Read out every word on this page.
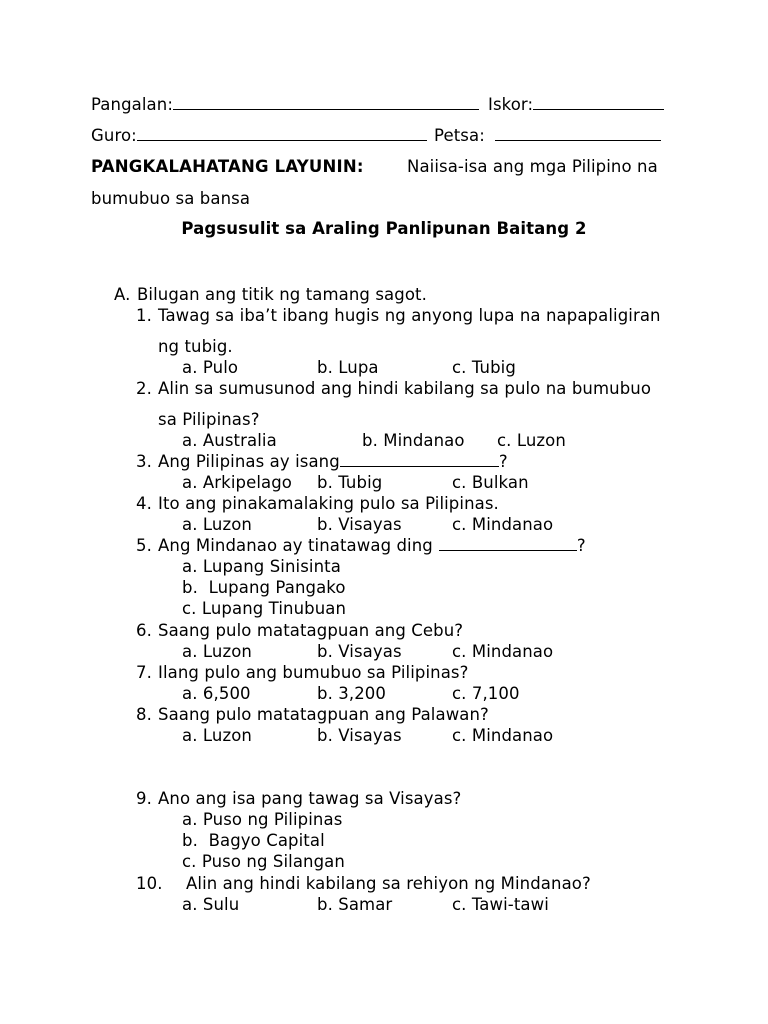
Pangalan:	Iskor:
Guro:	Petsa:
PANGKALAHATANG LAYUNIN:	Naiisa-isa ang mga Pilipino na
bumubuo sa bansa
Pagsusulit sa Araling Panlipunan Baitang 2
A. Bilugan ang titik ng tamang sagot.
1. Tawag sa iba’t ibang hugis ng anyong lupa na napapaligiran
ng tubig.
a. Pulo	b. Lupa	c. Tubig
2. Alin sa sumusunod ang hindi kabilang sa pulo na bumubuo
sa Pilipinas?
a. Australia	b. Mindanao c. Luzon
3. Ang Pilipinas ay isang	?
a. Arkipelago b. Tubig	c. Bulkan
4. Ito ang pinakamalaking pulo sa Pilipinas.
a. Luzon	b. Visayas	c. Mindanao
5. Ang Mindanao ay tinatawag ding	?
a. Lupang Sinisinta
b.  Lupang Pangako
c. Lupang Tinubuan
6. Saang pulo matatagpuan ang Cebu?
a. Luzon	b. Visayas	c. Mindanao
7. Ilang pulo ang bumubuo sa Pilipinas?
a. 6,500	b. 3,200	c. 7,100
8. Saang pulo matatagpuan ang Palawan?
a. Luzon	b. Visayas	c. Mindanao
9. Ano ang isa pang tawag sa Visayas?
a. Puso ng Pilipinas
b.  Bagyo Capital
c. Puso ng Silangan
10. Alin ang hindi kabilang sa rehiyon ng Mindanao?
a. Sulu	b. Samar	c. Tawi-tawi
